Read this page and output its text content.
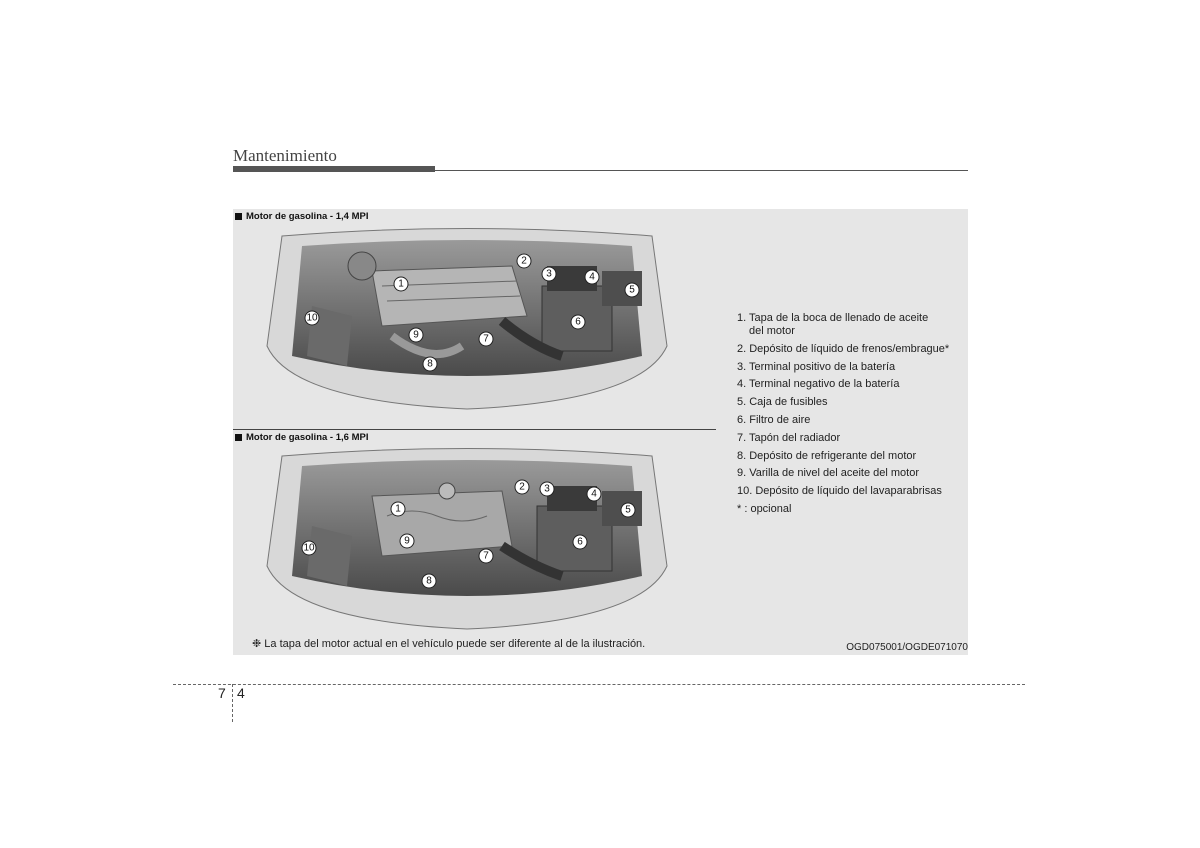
Mantenimiento
Motor de gasolina - 1,4 MPI
1
2
3	4
5
6
7
8
9
10
Motor de gasolina - 1,6 MPI
1
2 3	4
5
6
7
8
9
10
1. Tapa de la boca de llenado de aceite
del motor
2. Depósito de líquido de frenos/embrague*
3. Terminal positivo de la batería
4. Terminal negativo de la batería
5. Caja de fusibles
6. Filtro de aire
7. Tapón del radiador
8. Depósito de refrigerante del motor
9. Varilla de nivel del aceite del motor
10. Depósito de líquido del lavaparabrisas
* : opcional
❉ La tapa del motor actual en el vehículo puede ser diferente al de la ilustración.	OGD075001/OGDE071070
7 4
